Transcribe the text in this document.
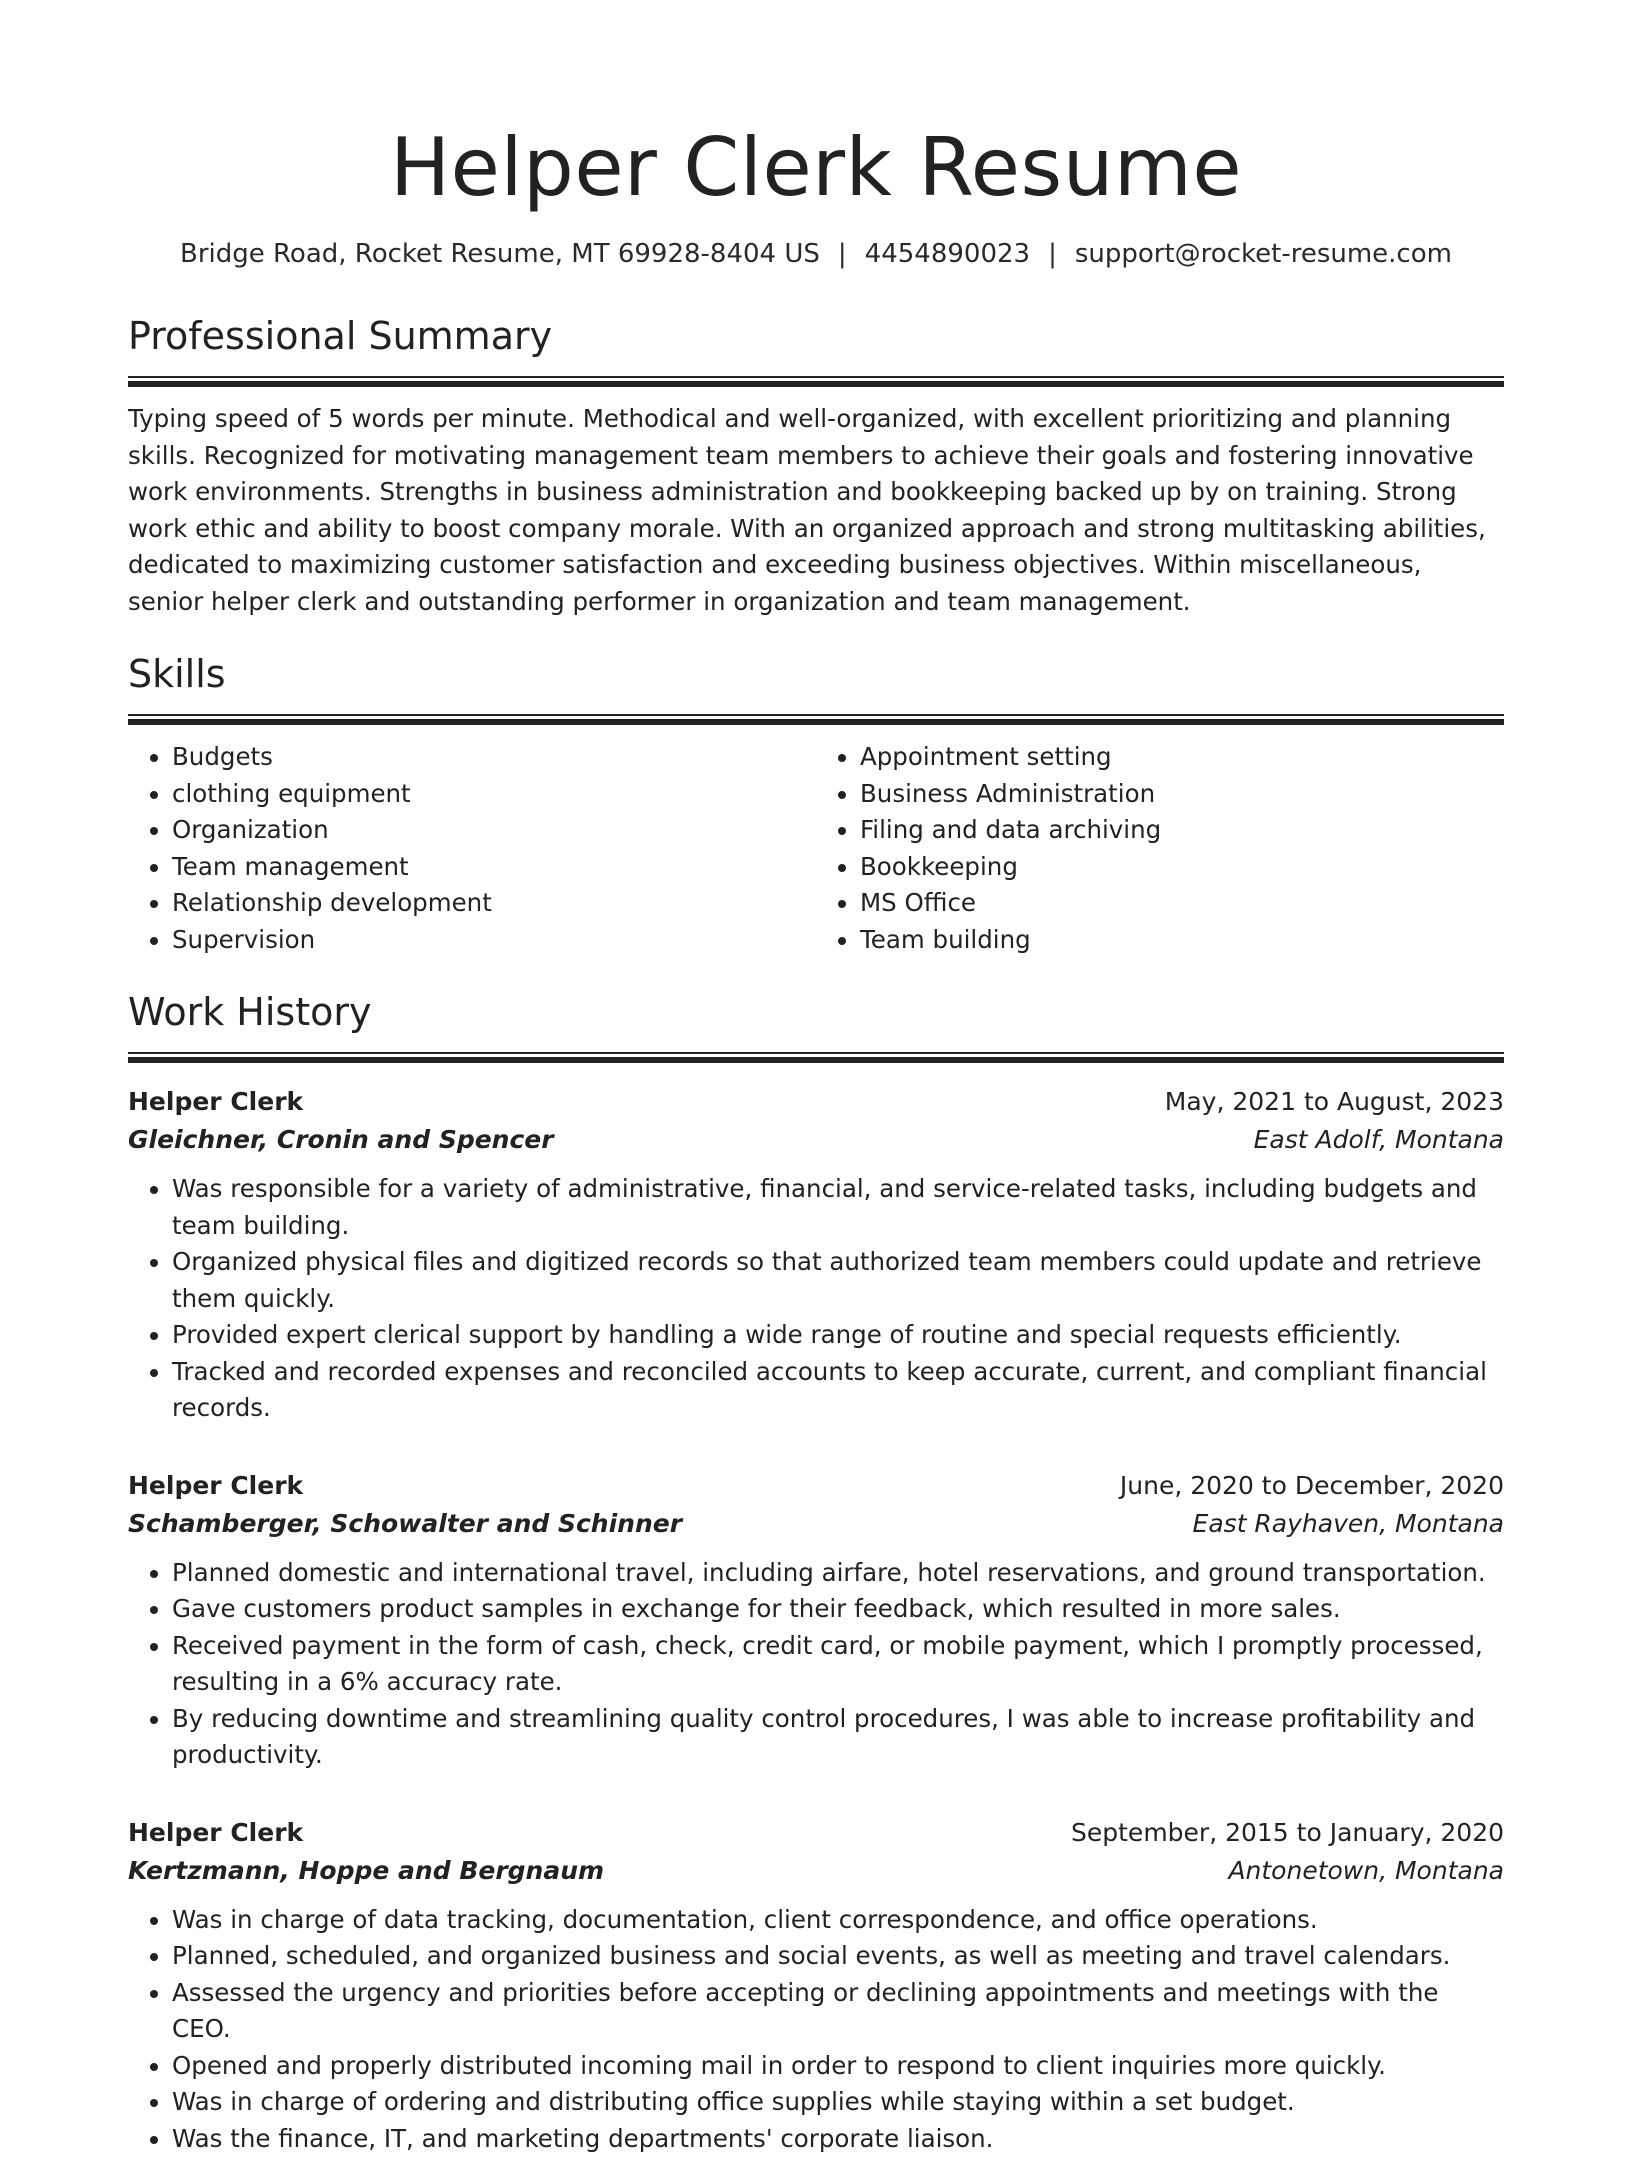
Helper Clerk Resume
Bridge Road, Rocket Resume, MT 69928-8404 US | 4454890023 | support@rocket-resume.com
Professional Summary

Typing speed of 5 words per minute. Methodical and well-organized, with excellent prioritizing and planning skills. Recognized for motivating management team members to achieve their goals and fostering innovative work environments. Strengths in business administration and bookkeeping backed up by on training. Strong work ethic and ability to boost company morale. With an organized approach and strong multitasking abilities, dedicated to maximizing customer satisfaction and exceeding business objectives. Within miscellaneous, senior helper clerk and outstanding performer in organization and team management.

Skills
• Budgets
• clothing equipment
• Organization
• Team management
• Relationship development
• Supervision
• Appointment setting
• Business Administration
• Filing and data archiving
• Bookkeeping
• MS Office
• Team building
Work History
Helper Clerk	May, 2021 to August, 2023
Gleichner, Cronin and Spencer	East Adolf, Montana
• Was responsible for a variety of administrative, financial, and service-related tasks, including budgets and team building.
• Organized physical files and digitized records so that authorized team members could update and retrieve them quickly.
• Provided expert clerical support by handling a wide range of routine and special requests efficiently.
• Tracked and recorded expenses and reconciled accounts to keep accurate, current, and compliant financial records.
Helper Clerk	June, 2020 to December, 2020
Schamberger, Schowalter and Schinner	East Rayhaven, Montana
• Planned domestic and international travel, including airfare, hotel reservations, and ground transportation.
• Gave customers product samples in exchange for their feedback, which resulted in more sales.
• Received payment in the form of cash, check, credit card, or mobile payment, which I promptly processed, resulting in a 6% accuracy rate.
• By reducing downtime and streamlining quality control procedures, I was able to increase profitability and productivity.
Helper Clerk	September, 2015 to January, 2020
Kertzmann, Hoppe and Bergnaum	Antonetown, Montana
• Was in charge of data tracking, documentation, client correspondence, and office operations.
• Planned, scheduled, and organized business and social events, as well as meeting and travel calendars.
• Assessed the urgency and priorities before accepting or declining appointments and meetings with the CEO.
• Opened and properly distributed incoming mail in order to respond to client inquiries more quickly.
• Was in charge of ordering and distributing office supplies while staying within a set budget.
• Was the finance, IT, and marketing departments' corporate liaison.
